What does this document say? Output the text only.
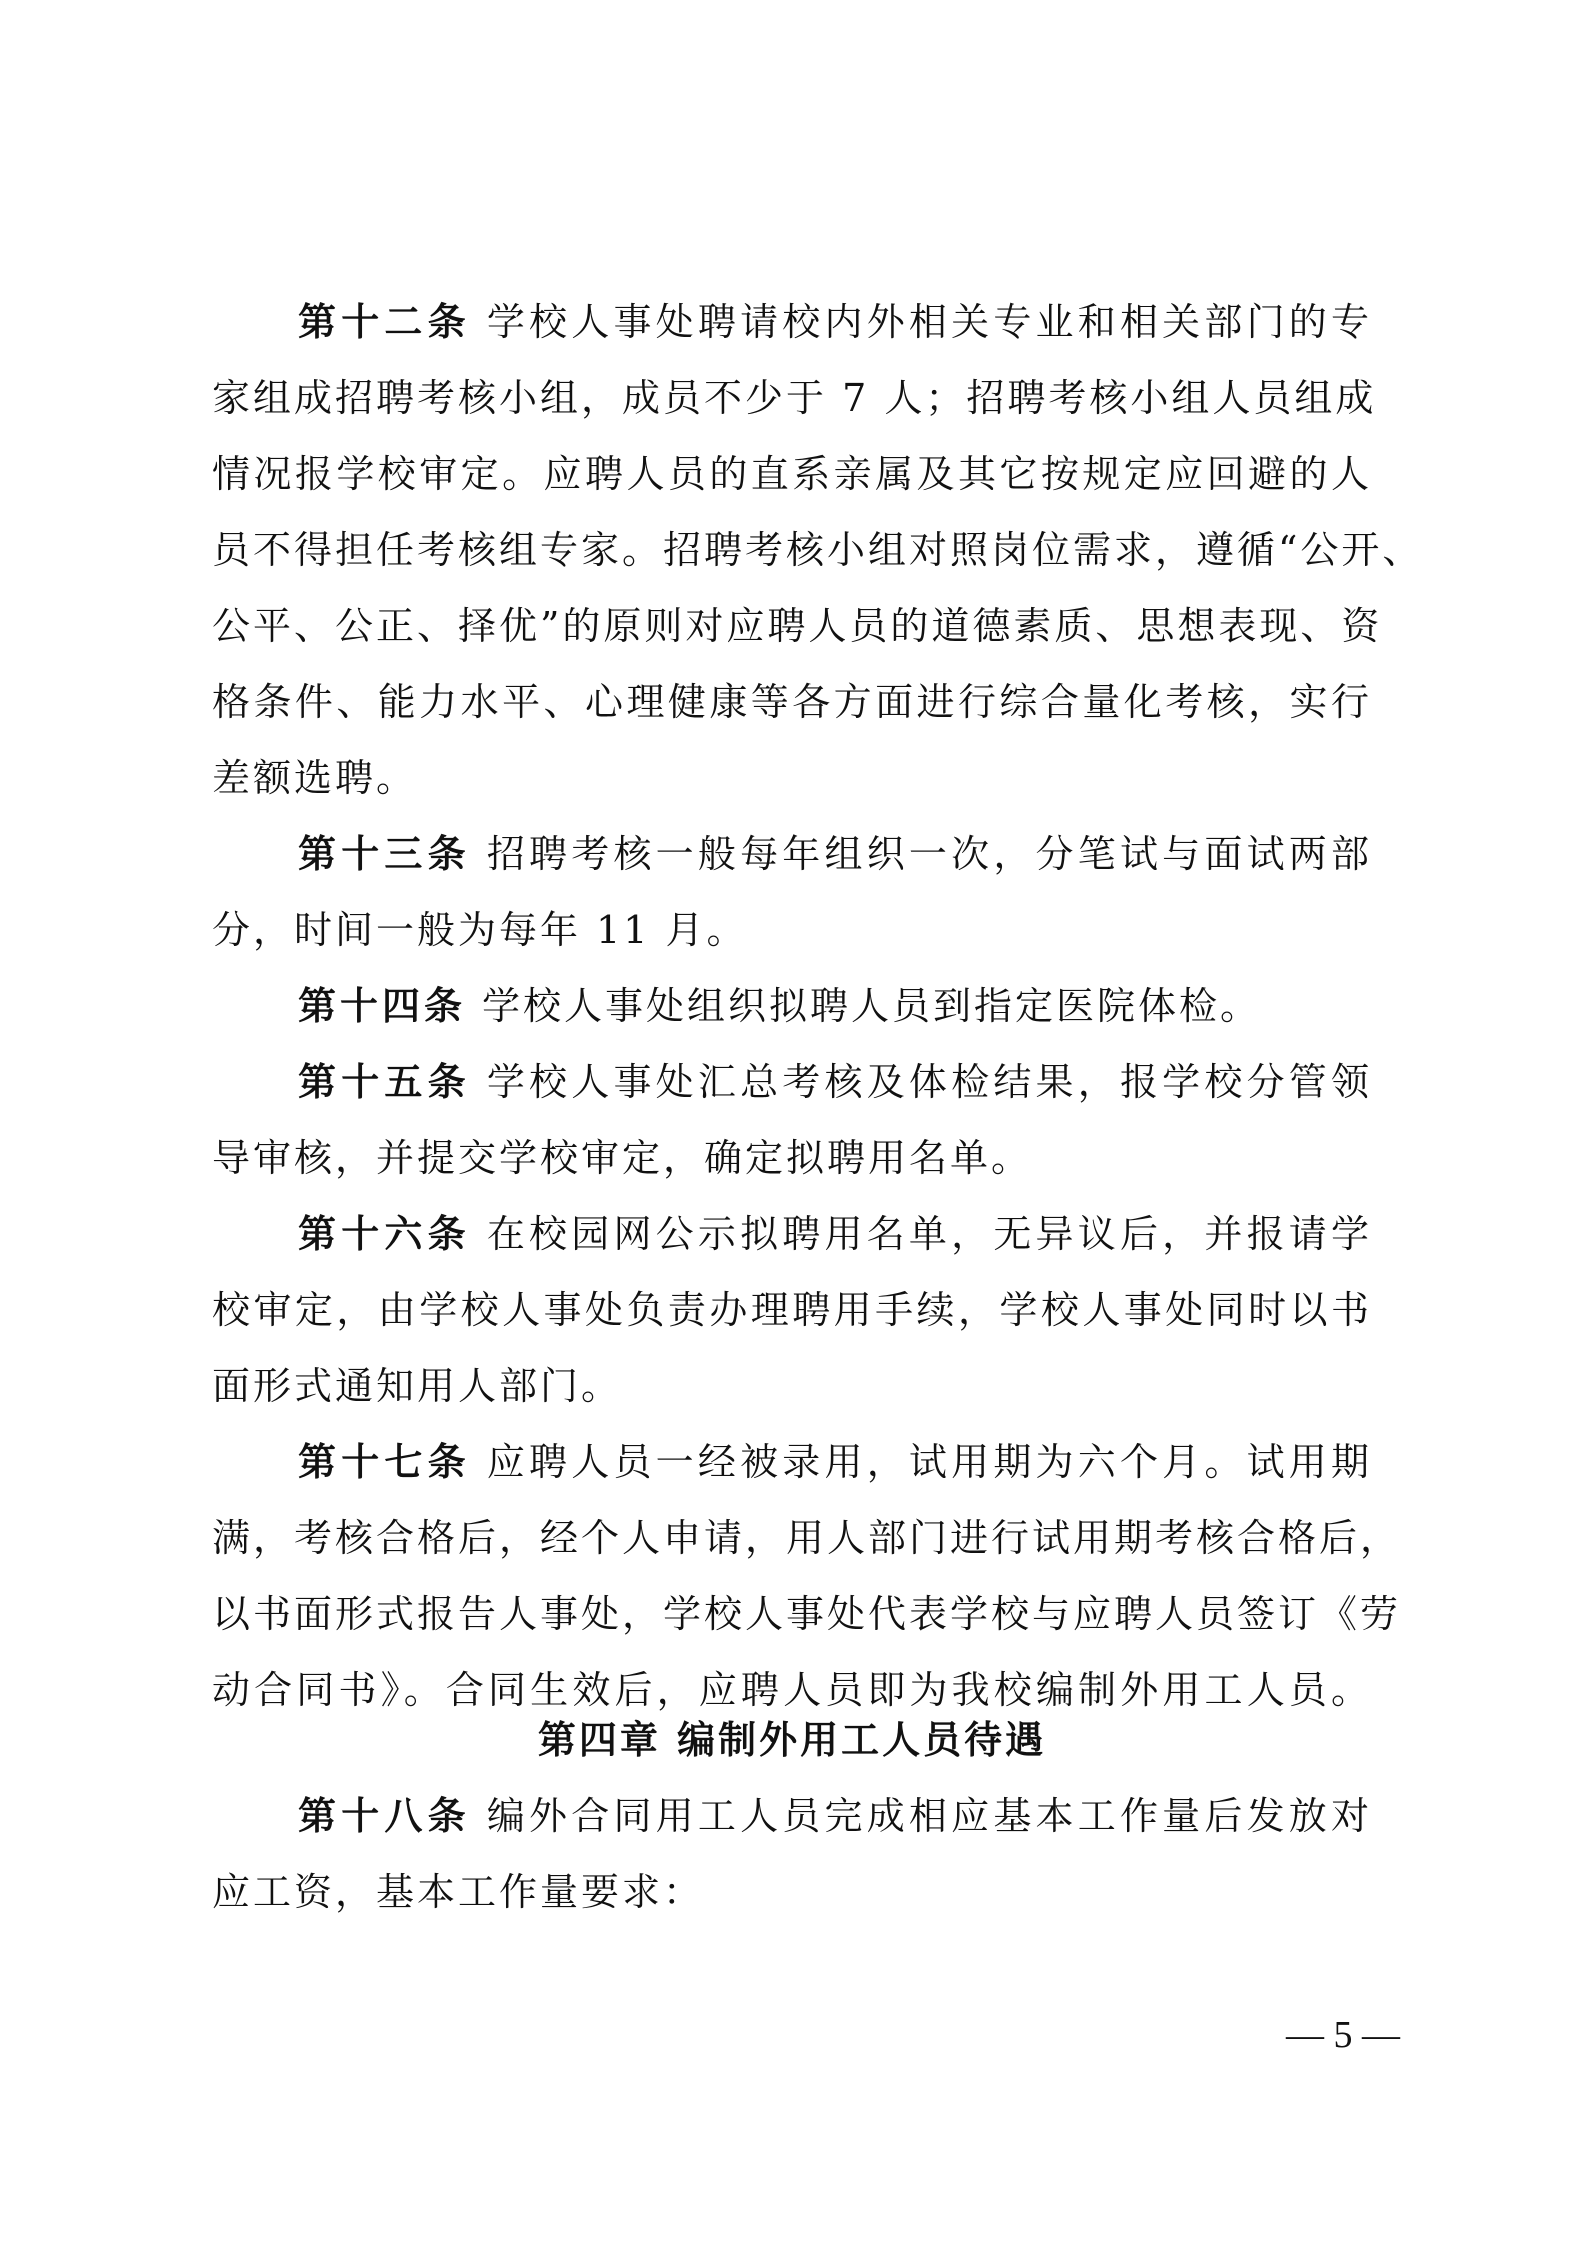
第十二条 学校人事处聘请校内外相关专业和相关部门的专
家组成招聘考核小组，成员不少于 7 人；招聘考核小组人员组成
情况报学校审定。应聘人员的直系亲属及其它按规定应回避的人
员不得担任考核组专家。招聘考核小组对照岗位需求，遵循“公开、
公平、公正、择优”的原则对应聘人员的道德素质、思想表现、资
格条件、能力水平、心理健康等各方面进行综合量化考核，实行
差额选聘。
第十三条 招聘考核一般每年组织一次，分笔试与面试两部
分，时间一般为每年 11 月。
第十四条 学校人事处组织拟聘人员到指定医院体检。
第十五条 学校人事处汇总考核及体检结果，报学校分管领
导审核，并提交学校审定，确定拟聘用名单。
第十六条 在校园网公示拟聘用名单，无异议后，并报请学
校审定，由学校人事处负责办理聘用手续，学校人事处同时以书
面形式通知用人部门。
第十七条 应聘人员一经被录用，试用期为六个月。试用期
满，考核合格后，经个人申请，用人部门进行试用期考核合格后，
以书面形式报告人事处，学校人事处代表学校与应聘人员签订《劳
动合同书》。合同生效后，应聘人员即为我校编制外用工人员。
第四章 编制外用工人员待遇
第十八条 编外合同用工人员完成相应基本工作量后发放对
应工资，基本工作量要求：
— 5 —
